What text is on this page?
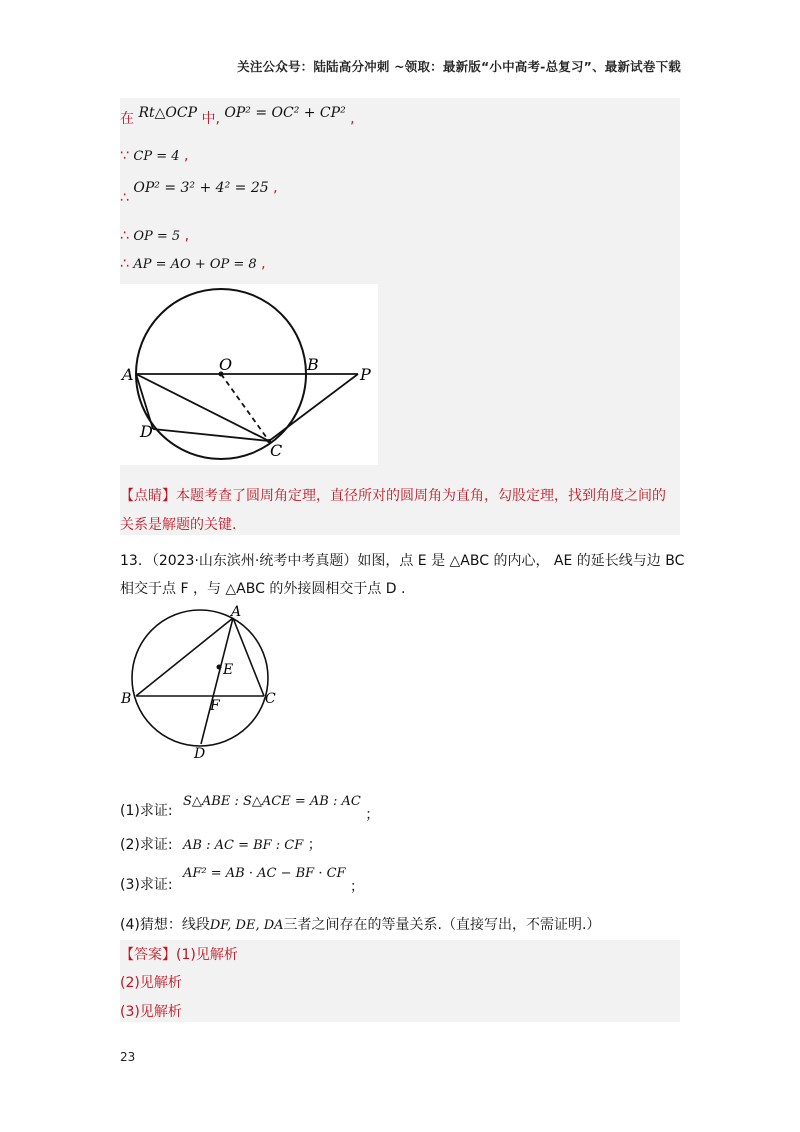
关注公众号：陆陆高分冲刺 ~领取：最新版“小中高考-总复习”、最新试卷下载
在 Rt△OCP 中, OP² = OC² + CP² ,
∵ CP = 4 ,
∴ OP² = 3² + 4² = 25 ,
∴ OP = 5 ,
∴ AP = AO + OP = 8 ,
A
O	B
P
D
C
【点睛】本题考查了圆周角定理，直径所对的圆周角为直角，勾股定理，找到角度之间的
关系是解题的关键.
13．（2023·山东滨州·统考中考真题）如图，点 E 是 △ABC 的内心， AE 的延长线与边 BC
相交于点 F ，与 △ABC 的外接圆相交于点 D .
A
E
B	C
F
D
(1)求证: S△ABE : S△ACE = AB : AC ；
(2)求证: AB : AC = BF : CF ；
(3)求证: AF² = AB · AC − BF · CF ；
(4)猜想：线段DF, DE, DA三者之间存在的等量关系.（直接写出，不需证明.）
【答案】(1)见解析
(2)见解析
(3)见解析
23
